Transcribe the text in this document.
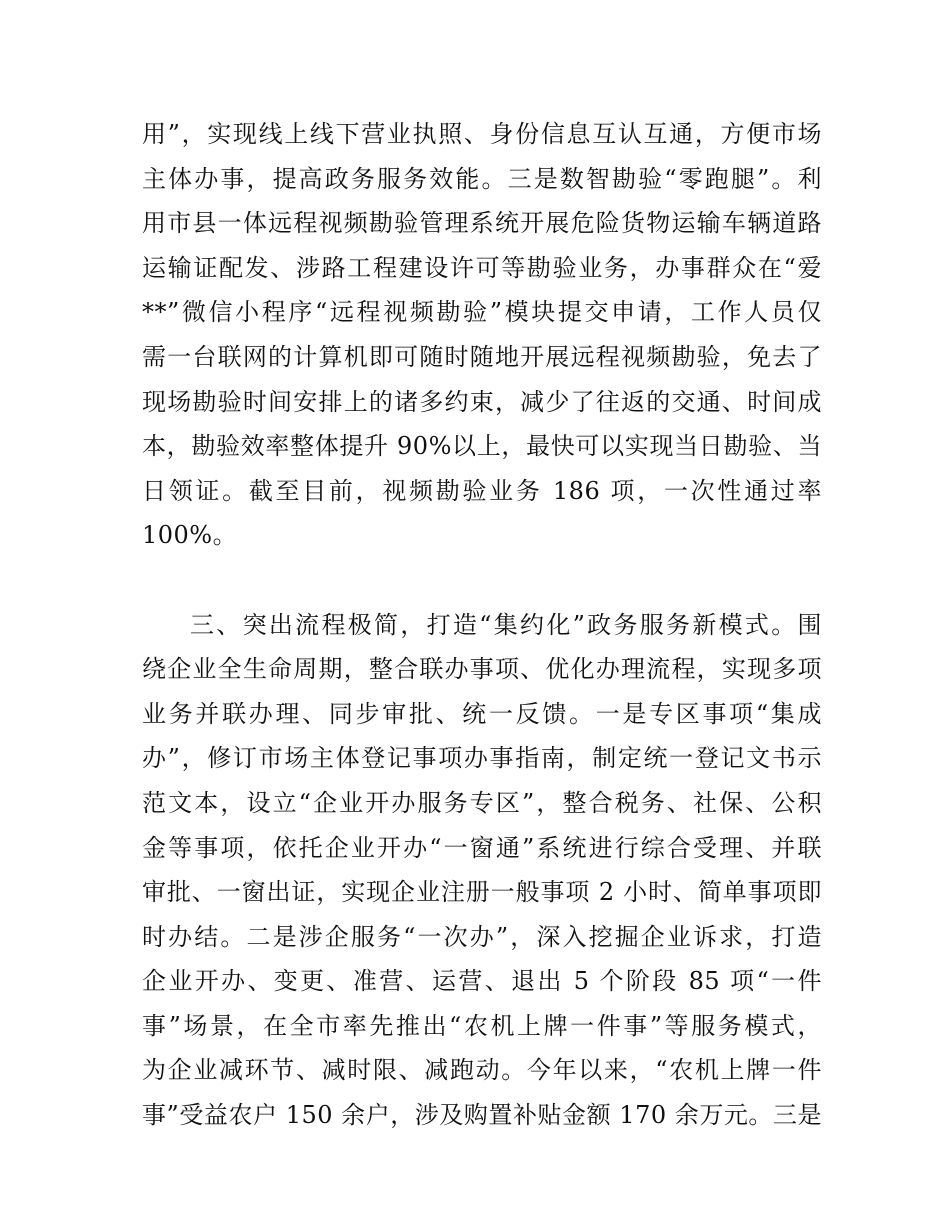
用”，实现线上线下营业执照、身份信息互认互通，方便市场
主体办事，提高政务服务效能。三是数智勘验“零跑腿”。利
用市县一体远程视频勘验管理系统开展危险货物运输车辆道路
运输证配发、涉路工程建设许可等勘验业务，办事群众在“爱
**”微信小程序“远程视频勘验”模块提交申请，工作人员仅
需一台联网的计算机即可随时随地开展远程视频勘验，免去了
现场勘验时间安排上的诸多约束，减少了往返的交通、时间成
本，勘验效率整体提升 90%以上，最快可以实现当日勘验、当
日领证。截至目前，视频勘验业务 186 项，一次性通过率
100%。
三、突出流程极简，打造“集约化”政务服务新模式。围
绕企业全生命周期，整合联办事项、优化办理流程，实现多项
业务并联办理、同步审批、统一反馈。一是专区事项“集成
办”，修订市场主体登记事项办事指南，制定统一登记文书示
范文本，设立“企业开办服务专区”，整合税务、社保、公积
金等事项，依托企业开办“一窗通”系统进行综合受理、并联
审批、一窗出证，实现企业注册一般事项 2 小时、简单事项即
时办结。二是涉企服务“一次办”，深入挖掘企业诉求，打造
企业开办、变更、准营、运营、退出 5 个阶段 85 项“一件
事”场景，在全市率先推出“农机上牌一件事”等服务模式，
为企业减环节、减时限、减跑动。今年以来，“农机上牌一件
事”受益农户 150 余户，涉及购置补贴金额 170 余万元。三是
